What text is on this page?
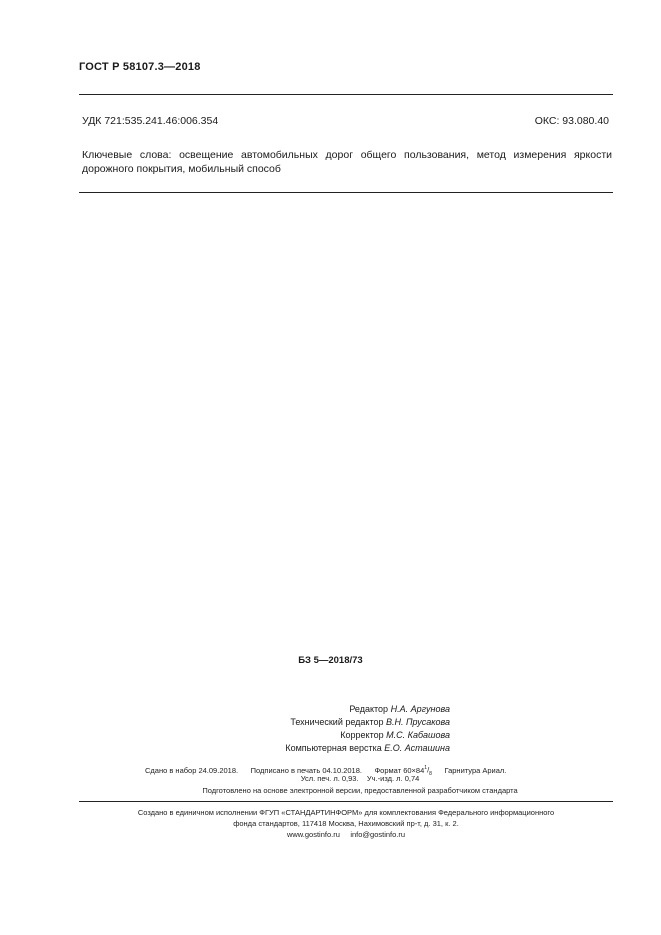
ГОСТ Р 58107.3—2018
УДК 721:535.241.46:006.354	ОКС: 93.080.40
Ключевые слова: освещение автомобильных дорог общего пользования, метод измерения яркости дорожного покрытия, мобильный способ
БЗ 5—2018/73
Редактор Н.А. Аргунова
Технический редактор В.Н. Прусакова
Корректор М.С. Кабашова
Компьютерная верстка Е.О. Асташина
Сдано в набор 24.09.2018. Подписано в печать 04.10.2018. Формат $60\times 84^1/_8$ Гарнитура Ариал.
Усл. печ. л. 0,93. Уч.-изд. л. 0,74
Подготовлено на основе электронной версии, предоставленной разработчиком стандарта
Создано в единичном исполнении ФГУП «СТАНДАРТИНФОРМ» для комплектования Федерального информационного
фонда стандартов, 117418 Москва, Нахимовский пр-т, д. 31, к. 2.
www.gostinfo.ru info@gostinfo.ru
